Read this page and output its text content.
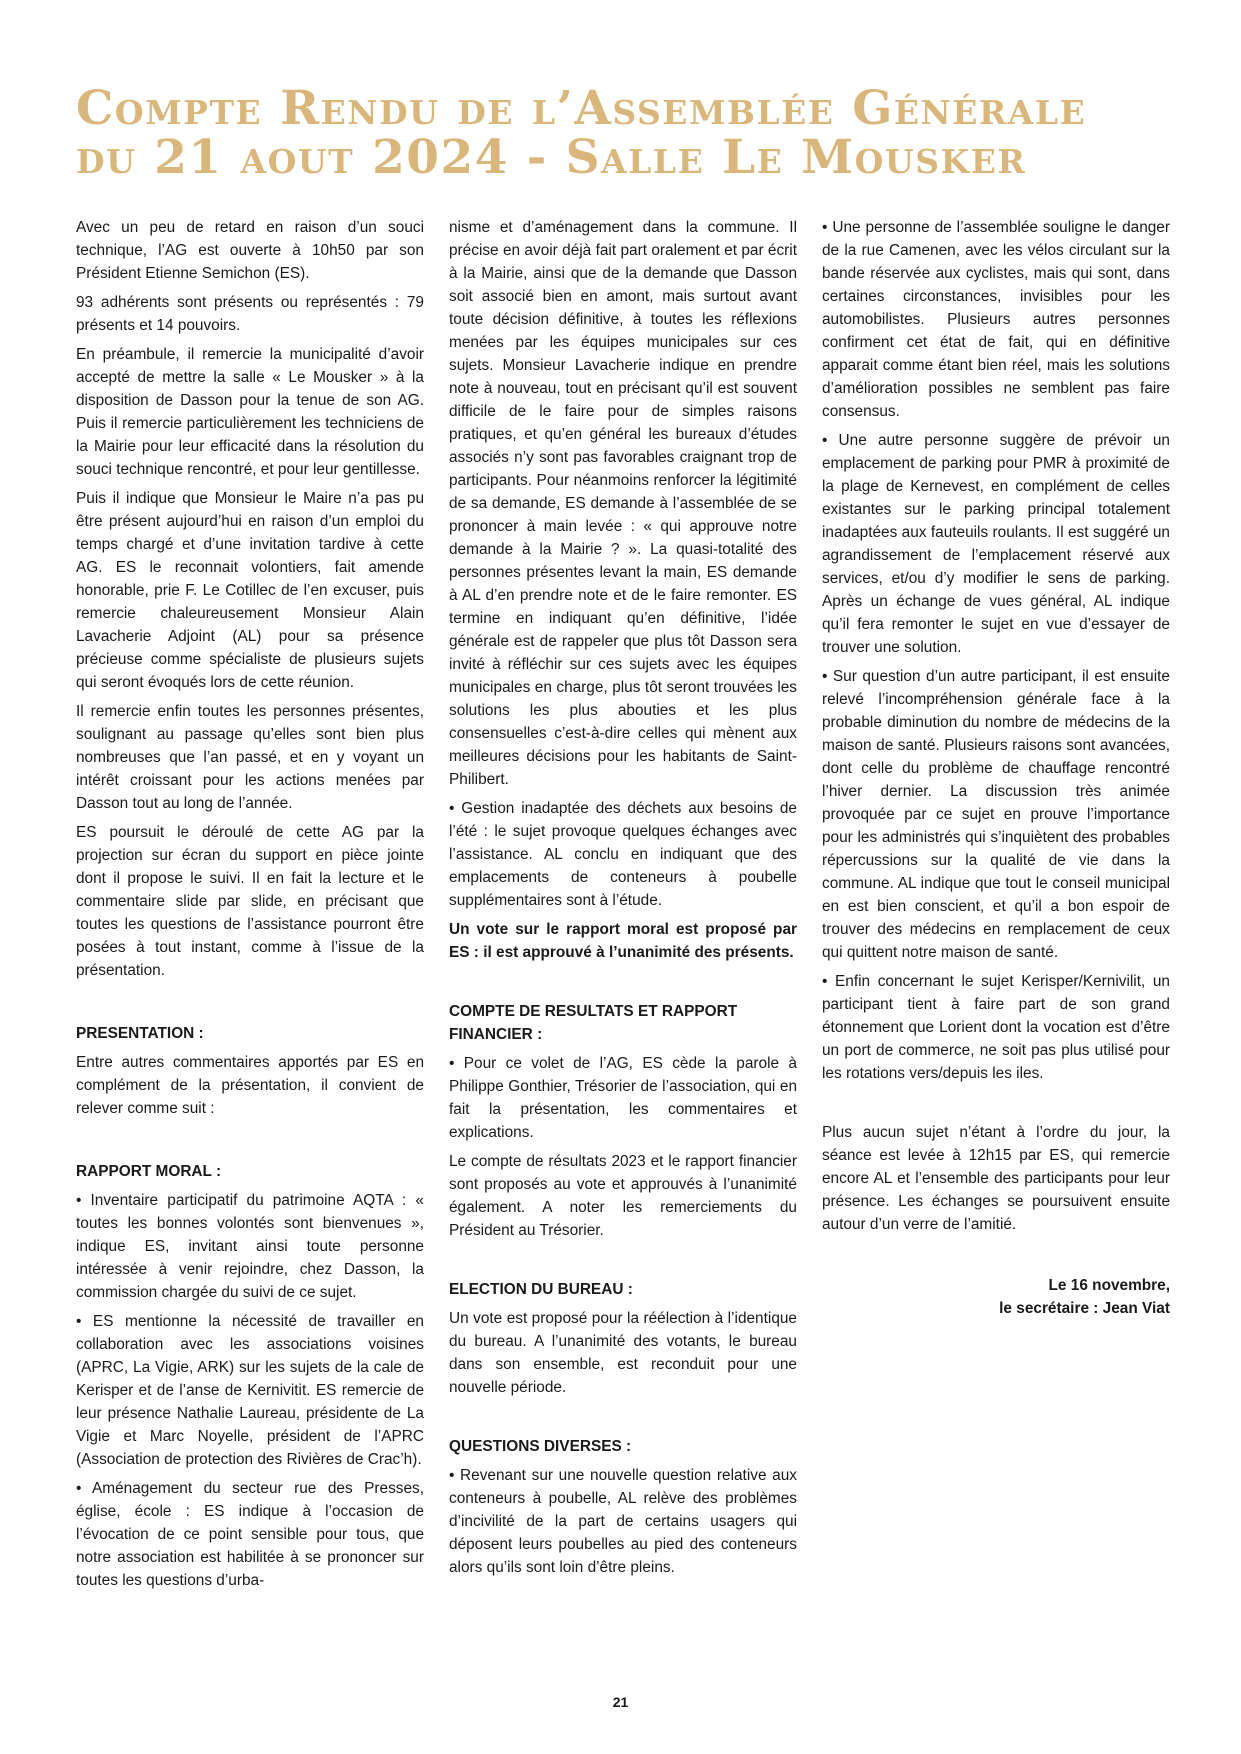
Compte Rendu de l’Assemblée Générale
du 21 aout 2024 - Salle Le Mousker

Avec un peu de retard en raison d’un souci technique, l’AG est ouverte à 10h50 par son Président Etienne Semichon (ES).

93 adhérents sont présents ou représentés : 79 présents et 14 pouvoirs.

En préambule, il remercie la municipalité d’avoir accepté de mettre la salle « Le Mousker » à la disposition de Dasson pour la tenue de son AG. Puis il remercie particulièrement les techniciens de la Mairie pour leur efficacité dans la résolution du souci technique rencontré, et pour leur gentillesse.

Puis il indique que Monsieur le Maire n’a pas pu être présent aujourd’hui en raison d’un emploi du temps chargé et d’une invitation tardive à cette AG. ES le reconnait volontiers, fait amende honorable, prie F. Le Cotillec de l’en excuser, puis remercie chaleureusement Monsieur Alain Lavacherie Adjoint (AL) pour sa présence précieuse comme spécialiste de plusieurs sujets qui seront évoqués lors de cette réunion.

Il remercie enfin toutes les personnes présentes, soulignant au passage qu’elles sont bien plus nombreuses que l’an passé, et en y voyant un intérêt croissant pour les actions menées par Dasson tout au long de l’année.

ES poursuit le déroulé de cette AG par la projection sur écran du support en pièce jointe dont il propose le suivi. Il en fait la lecture et le commentaire slide par slide, en précisant que toutes les questions de l’assistance pourront être posées à tout instant, comme à l’issue de la présentation.

PRESENTATION :

Entre autres commentaires apportés par ES en complément de la présentation, il convient de relever comme suit :

RAPPORT MORAL :

• Inventaire participatif du patrimoine AQTA : « toutes les bonnes volontés sont bienvenues », indique ES, invitant ainsi toute personne intéressée à venir rejoindre, chez Dasson, la commission chargée du suivi de ce sujet.

• ES mentionne la nécessité de travailler en collaboration avec les associations voisines (APRC, La Vigie, ARK) sur les sujets de la cale de Kerisper et de l’anse de Kernivitit. ES remercie de leur présence Nathalie Laureau, présidente de La Vigie et Marc Noyelle, président de l’APRC (Association de protection des Rivières de Crac’h).

• Aménagement du secteur rue des Presses, église, école : ES indique à l’occasion de l’évocation de ce point sensible pour tous, que notre association est habilitée à se prononcer sur toutes les questions d’urba-

nisme et d’aménagement dans la commune. Il précise en avoir déjà fait part oralement et par écrit à la Mairie, ainsi que de la demande que Dasson soit associé bien en amont, mais surtout avant toute décision définitive, à toutes les réflexions menées par les équipes municipales sur ces sujets. Monsieur Lavacherie indique en prendre note à nouveau, tout en précisant qu’il est souvent difficile de le faire pour de simples raisons pratiques, et qu’en général les bureaux d’études associés n’y sont pas favorables craignant trop de participants. Pour néanmoins renforcer la légitimité de sa demande, ES demande à l’assemblée de se prononcer à main levée : « qui approuve notre demande à la Mairie ? ». La quasi-totalité des personnes présentes levant la main, ES demande à AL d’en prendre note et de le faire remonter. ES termine en indiquant qu’en définitive, l’idée générale est de rappeler que plus tôt Dasson sera invité à réfléchir sur ces sujets avec les équipes municipales en charge, plus tôt seront trouvées les solutions les plus abouties et les plus consensuelles c’est-à-dire celles qui mènent aux meilleures décisions pour les habitants de Saint-Philibert.

• Gestion inadaptée des déchets aux besoins de l’été : le sujet provoque quelques échanges avec l’assistance. AL conclu en indiquant que des emplacements de conteneurs à poubelle supplémentaires sont à l’étude.

Un vote sur le rapport moral est proposé par ES : il est approuvé à l’unanimité des présents.

COMPTE DE RESULTATS ET RAPPORT FINANCIER :

• Pour ce volet de l’AG, ES cède la parole à Philippe Gonthier, Trésorier de l’association, qui en fait la présentation, les commentaires et explications.

Le compte de résultats 2023 et le rapport financier sont proposés au vote et approuvés à l’unanimité également. A noter les remerciements du Président au Trésorier.

ELECTION DU BUREAU :

Un vote est proposé pour la réélection à l’identique du bureau. A l’unanimité des votants, le bureau dans son ensemble, est reconduit pour une nouvelle période.

QUESTIONS DIVERSES :

• Revenant sur une nouvelle question relative aux conteneurs à poubelle, AL relève des problèmes d’incivilité de la part de certains usagers qui déposent leurs poubelles au pied des conteneurs alors qu’ils sont loin d’être pleins.

• Une personne de l’assemblée souligne le danger de la rue Camenen, avec les vélos circulant sur la bande réservée aux cyclistes, mais qui sont, dans certaines circonstances, invisibles pour les automobilistes. Plusieurs autres personnes confirment cet état de fait, qui en définitive apparait comme étant bien réel, mais les solutions d’amélioration possibles ne semblent pas faire consensus.

• Une autre personne suggère de prévoir un emplacement de parking pour PMR à proximité de la plage de Kernevest, en complément de celles existantes sur le parking principal totalement inadaptées aux fauteuils roulants. Il est suggéré un agrandissement de l’emplacement réservé aux services, et/ou d’y modifier le sens de parking. Après un échange de vues général, AL indique qu’il fera remonter le sujet en vue d’essayer de trouver une solution.

• Sur question d’un autre participant, il est ensuite relevé l’incompréhension générale face à la probable diminution du nombre de médecins de la maison de santé. Plusieurs raisons sont avancées, dont celle du problème de chauffage rencontré l’hiver dernier. La discussion très animée provoquée par ce sujet en prouve l’importance pour les administrés qui s’inquiètent des probables répercussions sur la qualité de vie dans la commune. AL indique que tout le conseil municipal en est bien conscient, et qu’il a bon espoir de trouver des médecins en remplacement de ceux qui quittent notre maison de santé.

• Enfin concernant le sujet Kerisper/Kernivilit, un participant tient à faire part de son grand étonnement que Lorient dont la vocation est d’être un port de commerce, ne soit pas plus utilisé pour les rotations vers/depuis les iles.

Plus aucun sujet n’étant à l’ordre du jour, la séance est levée à 12h15 par ES, qui remercie encore AL et l’ensemble des participants pour leur présence. Les échanges se poursuivent ensuite autour d’un verre de l’amitié.

Le 16 novembre,
le secrétaire : Jean Viat
21
